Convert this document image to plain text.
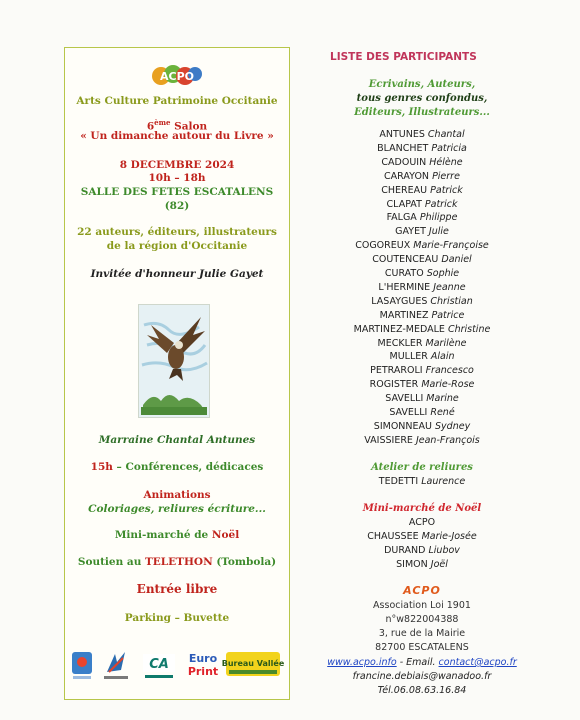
ACPO
Arts Culture Patrimoine Occitanie
6ème Salon
« Un dimanche autour du Livre »
8 DECEMBRE 2024
10h – 18h
SALLE DES FETES ESCATALENS
(82)
22 auteurs, éditeurs, illustrateurs
de la région d'Occitanie
Invitée d'honneur Julie Gayet
Marraine Chantal Antunes
15h – Conférences, dédicaces
Animations
Coloriages, reliures écriture...
Mini-marché de Noël
Soutien au TELETHON (Tombola)
Entrée libre
Parking – Buvette
CA Euro
Print
Bureau Vallée
LISTE DES PARTICIPANTS
Ecrivains, Auteurs,
tous genres confondus,
Editeurs, Illustrateurs...
ANTUNES Chantal
BLANCHET Patricia
CADOUIN Hélène
CARAYON Pierre
CHEREAU Patrick
CLAPAT Patrick
FALGA Philippe
GAYET Julie
COGOREUX Marie-Françoise
COUTENCEAU Daniel
CURATO Sophie
L'HERMINE Jeanne
LASAYGUES Christian
MARTINEZ Patrice
MARTINEZ-MEDALE Christine
MECKLER Marilène
MULLER Alain
PETRAROLI Francesco
ROGISTER Marie-Rose
SAVELLI Marine
SAVELLI René
SIMONNEAU Sydney
VAISSIERE Jean-François
Atelier de reliures
TEDETTI Laurence
Mini-marché de Noël
ACPO
CHAUSSEE Marie-Josée
DURAND Liubov
SIMON Joël
ACPO
Association Loi 1901
n°w822004388
3, rue de la Mairie
82700 ESCATALENS
www.acpo.info - Email. contact@acpo.fr
francine.debiais@wanadoo.fr
Tél.06.08.63.16.84
